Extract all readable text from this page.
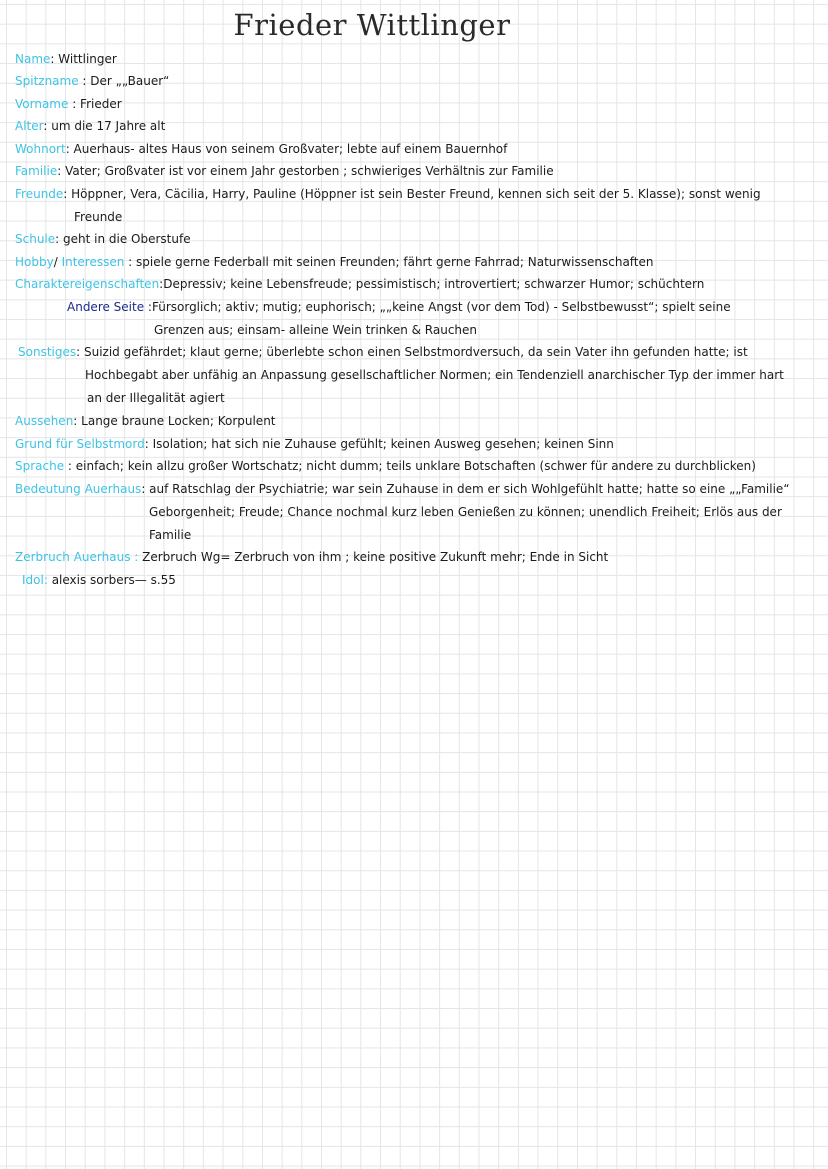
Frieder Wittlinger
Name: Wittlinger
Spitzname : Der „„Bauer“
Vorname : Frieder
Alter: um die 17 Jahre alt
Wohnort: Auerhaus- altes Haus von seinem Großvater; lebte auf einem Bauernhof
Familie: Vater; Großvater ist vor einem Jahr gestorben ; schwieriges Verhältnis zur Familie
Freunde: Höppner, Vera, Cäcilia, Harry, Pauline (Höppner ist sein Bester Freund, kennen sich seit der 5. Klasse); sonst wenig
Freunde
Schule: geht in die Oberstufe
Hobby/ Interessen : spiele gerne Federball mit seinen Freunden; fährt gerne Fahrrad; Naturwissenschaften
Charaktereigenschaften:Depressiv; keine Lebensfreude; pessimistisch; introvertiert; schwarzer Humor; schüchtern
Andere Seite :Fürsorglich; aktiv; mutig; euphorisch; „„keine Angst (vor dem Tod) - Selbstbewusst“; spielt seine
Grenzen aus; einsam- alleine Wein trinken & Rauchen
Sonstiges: Suizid gefährdet; klaut gerne; überlebte schon einen Selbstmordversuch, da sein Vater ihn gefunden hatte; ist
Hochbegabt aber unfähig an Anpassung gesellschaftlicher Normen; ein Tendenziell anarchischer Typ der immer hart
an der Illegalität agiert
Aussehen: Lange braune Locken; Korpulent
Grund für Selbstmord: Isolation; hat sich nie Zuhause gefühlt; keinen Ausweg gesehen; keinen Sinn
Sprache : einfach; kein allzu großer Wortschatz; nicht dumm; teils unklare Botschaften (schwer für andere zu durchblicken)
Bedeutung Auerhaus: auf Ratschlag der Psychiatrie; war sein Zuhause in dem er sich Wohlgefühlt hatte; hatte so eine „„Familie“
Geborgenheit; Freude; Chance nochmal kurz leben Genießen zu können; unendlich Freiheit; Erlös aus der
Familie
Zerbruch Auerhaus : Zerbruch Wg= Zerbruch von ihm ; keine positive Zukunft mehr; Ende in Sicht
Idol: alexis sorbers— s.55
